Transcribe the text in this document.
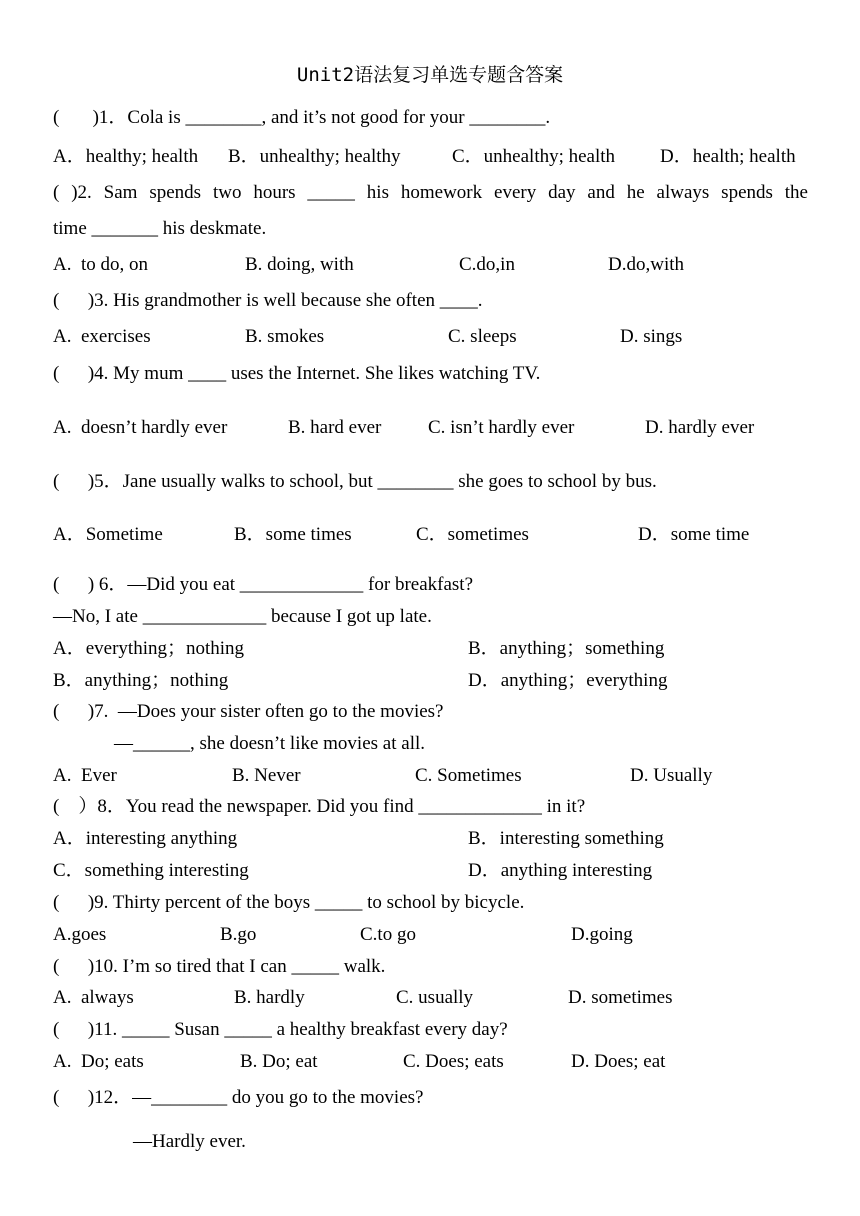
Unit2语法复习单选专题含答案
(       )1．Cola is ________, and it’s not good for your ________.
A．healthy; health B．unhealthy; healthy	C．unhealthy; health D．health; health
( )2. Sam spends two hours _____ his homework every day and he always spends the
time _______ his deskmate.
A.  to do, on	B. doing, with	C.do,in	D.do,with
(      )3. His grandmother is well because she often ____.
A.  exercises	B. smokes	C. sleeps	D. sings
(      )4. My mum ____ uses the Internet. She likes watching TV.
A.  doesn’t hardly ever	B. hard ever C. isn’t hardly ever	D. hardly ever
(      )5．Jane usually walks to school, but ________ she goes to school by bus.
A．Sometime	B．some times	C．sometimes	D．some time
(      ) 6．—Did you eat _____________ for breakfast?
—No, I ate _____________ because I got up late.
A．everything；nothing	B．anything；something
B．anything；nothing	D．anything；everything
(      )7.  —Does your sister often go to the movies?
—______, she doesn’t like movies at all.
A.  Ever	B. Never	C. Sometimes	D. Usually
(    ）8．You read the newspaper. Did you find _____________ in it?
A．interesting anything	B．interesting something
C．something interesting	D．anything interesting
(      )9. Thirty percent of the boys _____ to school by bicycle.
A.goes	B.go	C.to go	D.going
(      )10. I’m so tired that I can _____ walk.
A.  always	B. hardly	C. usually	D. sometimes
(      )11. _____ Susan _____ a healthy breakfast every day?
A.  Do; eats	B. Do; eat	C. Does; eats	D. Does; eat
(      )12．—________ do you go to the movies?
—Hardly ever.
